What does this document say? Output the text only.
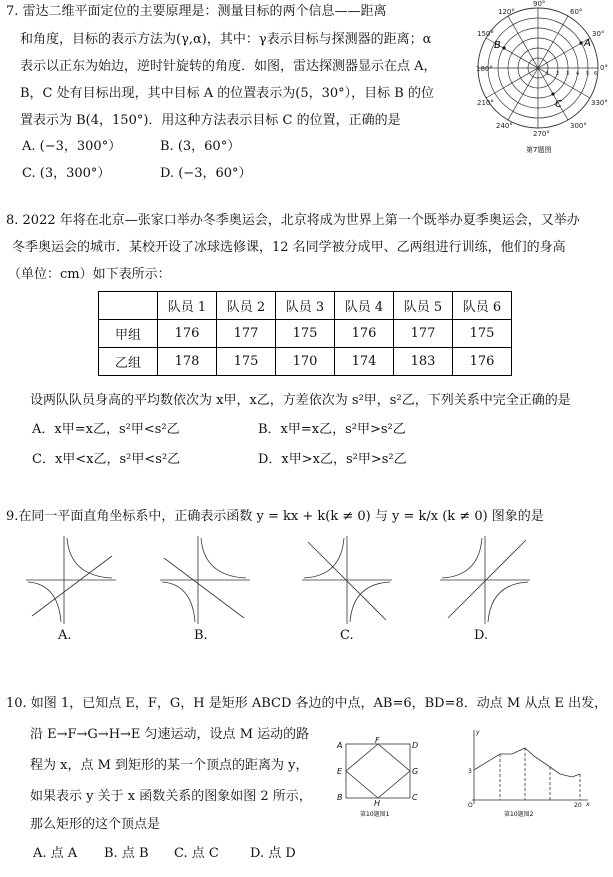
7. 雷达二维平面定位的主要原理是：测量目标的两个信息——距离
和角度，目标的表示方法为(γ,α)，其中：γ表示目标与探测器的距离；α
表示以正东为始边，逆时针旋转的角度．如图，雷达探测器显示在点 A，
B，C 处有目标出现，其中目标 A 的位置表示为(5，30°），目标 B 的位
置表示为 B(4，150°)．用这种方法表示目标 C 的位置，正确的是
A. (−3，300°）	B. (3，60°）
C. (3，300°）	D. (−3，60°）
90°
60°
30°
0°
330°
300°
270°
240°
210°
180°
150°
120°
1 2 3 4 5 6
A
B
C
第7题图
8. 2022 年将在北京—张家口举办冬季奥运会，北京将成为世界上第一个既举办夏季奥运会，又举办
冬季奥运会的城市．某校开设了冰球选修课，12 名同学被分成甲、乙两组进行训练，他们的身高
（单位：cm）如下表所示：
	队员 1	队员 2	队员 3	队员 4	队员 5	队员 6
甲组	176	177	175	176	177	175
乙组	178	175	170	174	183	176
设两队队员身高的平均数依次为 x甲，x乙，方差依次为 s²甲，s²乙，下列关系中完全正确的是
A．x甲=x乙，s²甲<s²乙	B．x甲=x乙，s²甲>s²乙
C．x甲<x乙，s²甲<s²乙	D．x甲>x乙，s²甲>s²乙
9.在同一平面直角坐标系中，正确表示函数 y = kx + k(k ≠ 0) 与 y = k/x (k ≠ 0) 图象的是
A.	B.	C.	D.
10. 如图 1，已知点 E，F，G，H 是矩形 ABCD 各边的中点，AB=6，BD=8．动点 M 从点 E 出发，
沿 E→F→G→H→E 匀速运动，设点 M 运动的路
程为 x，点 M 到矩形的某一个顶点的距离为 y，
如果表示 y 关于 x 函数关系的图象如图 2 所示，
那么矩形的这个顶点是
A. 点 A B. 点 B C. 点 C D. 点 D
A
F
D
E	G
B
H
C
第10题图1
y
3
O	20 x
第10题图2
